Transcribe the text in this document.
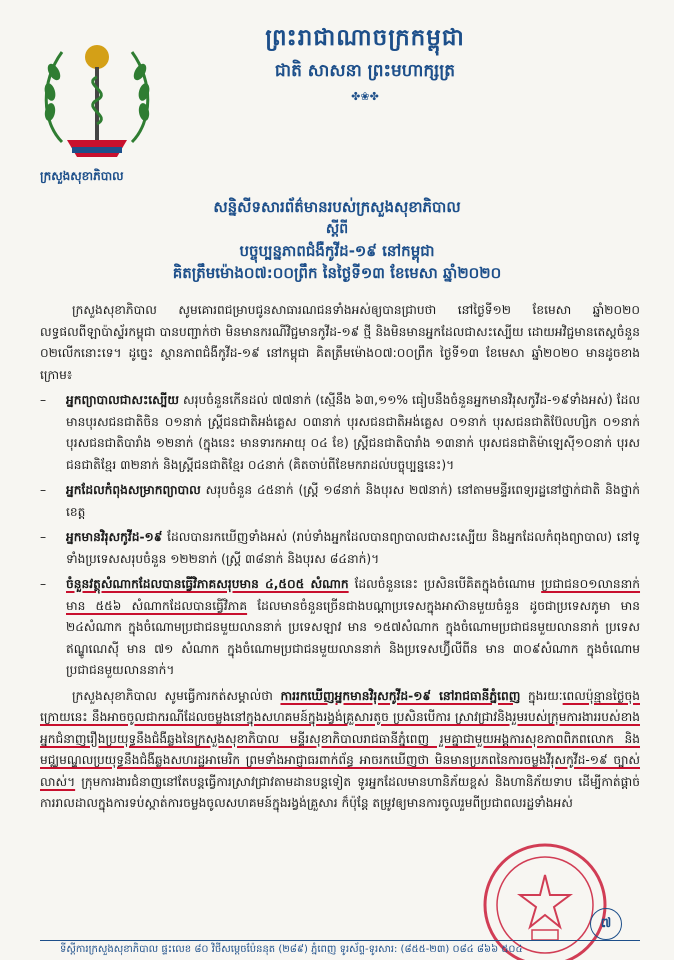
ក្រសួងសុខាភិបាល
ព្រះរាជាណាចក្រកម្ពុជា
ជាតិ សាសនា ព្រះមហាក្សត្រ
✤❀✤
សន្និសីទសារព័ត៌មានរបស់ក្រសួងសុខាភិបាល
ស្តីពី
បច្ចុប្បន្នភាពជំងឺកូវីដ-១៩ នៅកម្ពុជា
គិតត្រឹមម៉ោង០៧:០០ព្រឹក នៃថ្ងៃទី១៣ ខែមេសា ឆ្នាំ២០២០

ក្រសួងសុខាភិបាល សូមគោរពជម្រាបជូនសាធារណជនទាំងអស់ឲ្យបានជ្រាបថា នៅថ្ងៃទី១២ ខែមេសា ឆ្នាំ២០២០ លទ្ធផលពីឡាប៉ាស្ទ័រកម្ពុជា បានបញ្ជាក់ថា មិនមានករណីវិជ្ជមានកូវីដ-១៩ ថ្មី និងមិនមានអ្នកដែលជាសះស្បើយ ដោយអវិជ្ជមានតេស្តចំនួន ០២លើកនោះទេ។ ដូច្នេះ ស្ថានភាពជំងឺកូវីដ-១៩ នៅកម្ពុជា គិតត្រឹមម៉ោង០៧:០០ព្រឹក ថ្ងៃទី១៣ ខែមេសា ឆ្នាំ២០២០ មានដូចខាងក្រោម៖

–	អ្នកព្យាបាលជាសះស្បើយ សរុបចំនួនកើនដល់ ៧៧នាក់ (ស្មើនឹង ៦៣,១១% ធៀបនឹងចំនួនអ្នកមានវិរុសកូវីដ-១៩ទាំងអស់) ដែលមានបុរសជនជាតិចិន ០១នាក់ ស្ត្រីជនជាតិអង់គ្លេស ០៣នាក់ បុរសជនជាតិអង់គ្លេស ០១នាក់ បុរសជនជាតិប៊ែលហ្សិក ០១នាក់ បុរសជនជាតិបារាំង ១២នាក់ (ក្នុងនេះ មានទារកអាយុ ០៤ ខែ) ស្ត្រីជនជាតិបារាំង ១៣នាក់ បុរសជនជាតិម៉ាឡេស៊ី១០នាក់ បុរសជនជាតិខ្មែរ ៣២នាក់ និងស្ត្រីជនជាតិខ្មែរ ០៤នាក់ (គិតចាប់ពីខែមករាដល់បច្ចុប្បន្ននេះ)។
–	អ្នកដែលកំពុងសម្រាកព្យាបាល សរុបចំនួន ៤៥នាក់ (ស្ត្រី ១៨នាក់ និងបុរស ២៧នាក់) នៅតាមមន្ទីរពេទ្យរដ្ឋនៅថ្នាក់ជាតិ និងថ្នាក់ខេត្ត
–	អ្នកមានវិរុសកូវីដ-១៩ ដែលបានរកឃើញទាំងអស់ (រាប់ទាំងអ្នកដែលបានព្យាបាលជាសះស្បើយ និងអ្នកដែលកំពុងព្យាបាល) នៅទូទាំងប្រទេសសរុបចំនួន ១២២នាក់ (ស្ត្រី ៣៨នាក់ និងបុរស ៨៤នាក់)។
–	ចំនួនវត្ថុសំណាកដែលបានធ្វើវិភាគសរុបមាន ៤,៥០៥ សំណាក ដែលចំនួននេះ ប្រសិនបើគិតក្នុងចំណោម ប្រជាជន០១លាននាក់ មាន ៥៥៦ សំណាកដែលបានធ្វើវិភាគ ដែលមានចំនួនច្រើនជាងបណ្តាប្រទេសក្នុងអាស៊ានមួយចំនួន ដូចជាប្រទេសភូមា មាន ២៤សំណាក ក្នុងចំណោមប្រជាជនមួយលាននាក់ ប្រទេសឡាវ មាន ១៥៧សំណាក ក្នុងចំណោមប្រជាជនមួយលាននាក់ ប្រទេសឥណ្ឌូណេស៊ី មាន ៧១ សំណាក ក្នុងចំណោមប្រជាជនមួយលាននាក់ និងប្រទេសហ្វ៊ីលីពីន មាន ៣០៩សំណាក ក្នុងចំណោមប្រជាជនមួយលាននាក់។

ក្រសួងសុខាភិបាល សូមធ្វើការកត់សម្គាល់ថា ការរកឃើញអ្នកមានវិរុសកូវីដ-១៩ នៅរាជធានីភ្នំពេញ ក្នុងរយៈពេលប៉ុន្មានថ្ងៃចុងក្រោយនេះ នឹងអាចចូលជាករណីដែលចម្លងនៅក្នុងសហគមន៍ក្នុងរង្វង់គ្រួសារតូច ប្រសិនបើការ ស្រាវជ្រាវនិងរួមរបស់ក្រុមការងាររបស់ខាងអ្នកជំនាញរឿងប្រយុទ្ធនឹងជំងឺឆ្លងនៃក្រសួងសុខាភិបាល មន្ទីរសុខាភិបាលរាជធានីភ្នំពេញ រួមគ្នាជាមួយអង្គការសុខភាពពិភពលោក និងមជ្ឈមណ្ឌលប្រយុទ្ធនឹងជំងឺឆ្លងសហរដ្ឋអាមេរិក ព្រមទាំងអាជ្ញាធរពាក់ព័ន្ធ អាចរកឃើញថា មិនមានប្រភពនៃការចម្លងវីរុសកូវីដ-១៩ ច្បាស់លាស់។ ក្រុមការងារជំនាញនៅតែបន្តធ្វើការស្រាវជ្រាវតាមដានបន្តទៀត ទូរអ្នកដែលមានហានិភ័យខ្ពស់ និងហានិភ័យទាប ដើម្បីកាត់ផ្តាច់ការរាលដាលក្នុងការទប់ស្កាត់ការចម្លងចូលសហគមន៍ក្នុងរង្វង់គ្រួសារ ក៏ប៉ុន្តែ តម្រូវឲ្យមានការចូលរួមពីប្រជាពលរដ្ឋទាំងអស់

៧
ទីស្តីការក្រសួងសុខាភិបាល ផ្ទះលេខ ៨០ វិថីសម្តេចប៉ែននុត (២៨៩) ភ្នំពេញ ទូរស័ព្ទ-ទូរសារ: (៨៥៥-២៣) ០៨៤ ៨៦៦ ៥០៤
